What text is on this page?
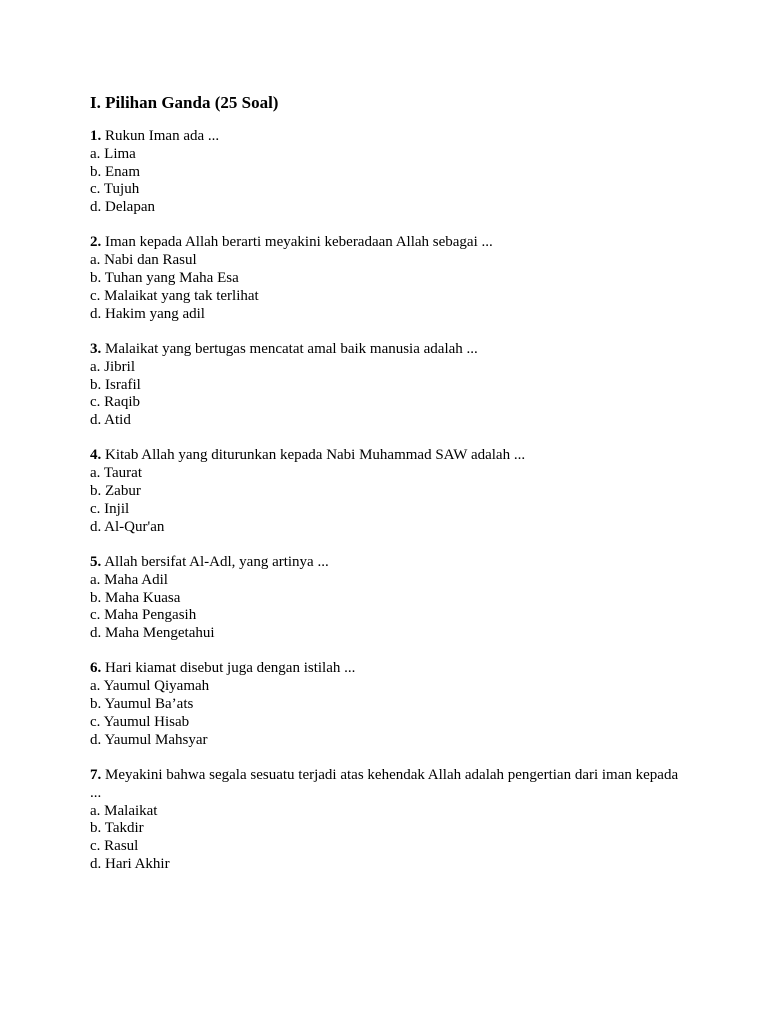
I. Pilihan Ganda (25 Soal)

1. Rukun Iman ada ...

a. Lima

b. Enam

c. Tujuh

d. Delapan

2. Iman kepada Allah berarti meyakini keberadaan Allah sebagai ...

a. Nabi dan Rasul

b. Tuhan yang Maha Esa

c. Malaikat yang tak terlihat

d. Hakim yang adil

3. Malaikat yang bertugas mencatat amal baik manusia adalah ...

a. Jibril

b. Israfil

c. Raqib

d. Atid

4. Kitab Allah yang diturunkan kepada Nabi Muhammad SAW adalah ...

a. Taurat

b. Zabur

c. Injil

d. Al-Qur'an

5. Allah bersifat Al-Adl, yang artinya ...

a. Maha Adil

b. Maha Kuasa

c. Maha Pengasih

d. Maha Mengetahui

6. Hari kiamat disebut juga dengan istilah ...

a. Yaumul Qiyamah

b. Yaumul Ba’ats

c. Yaumul Hisab

d. Yaumul Mahsyar

7. Meyakini bahwa segala sesuatu terjadi atas kehendak Allah adalah pengertian dari iman kepada ...

a. Malaikat

b. Takdir

c. Rasul

d. Hari Akhir
